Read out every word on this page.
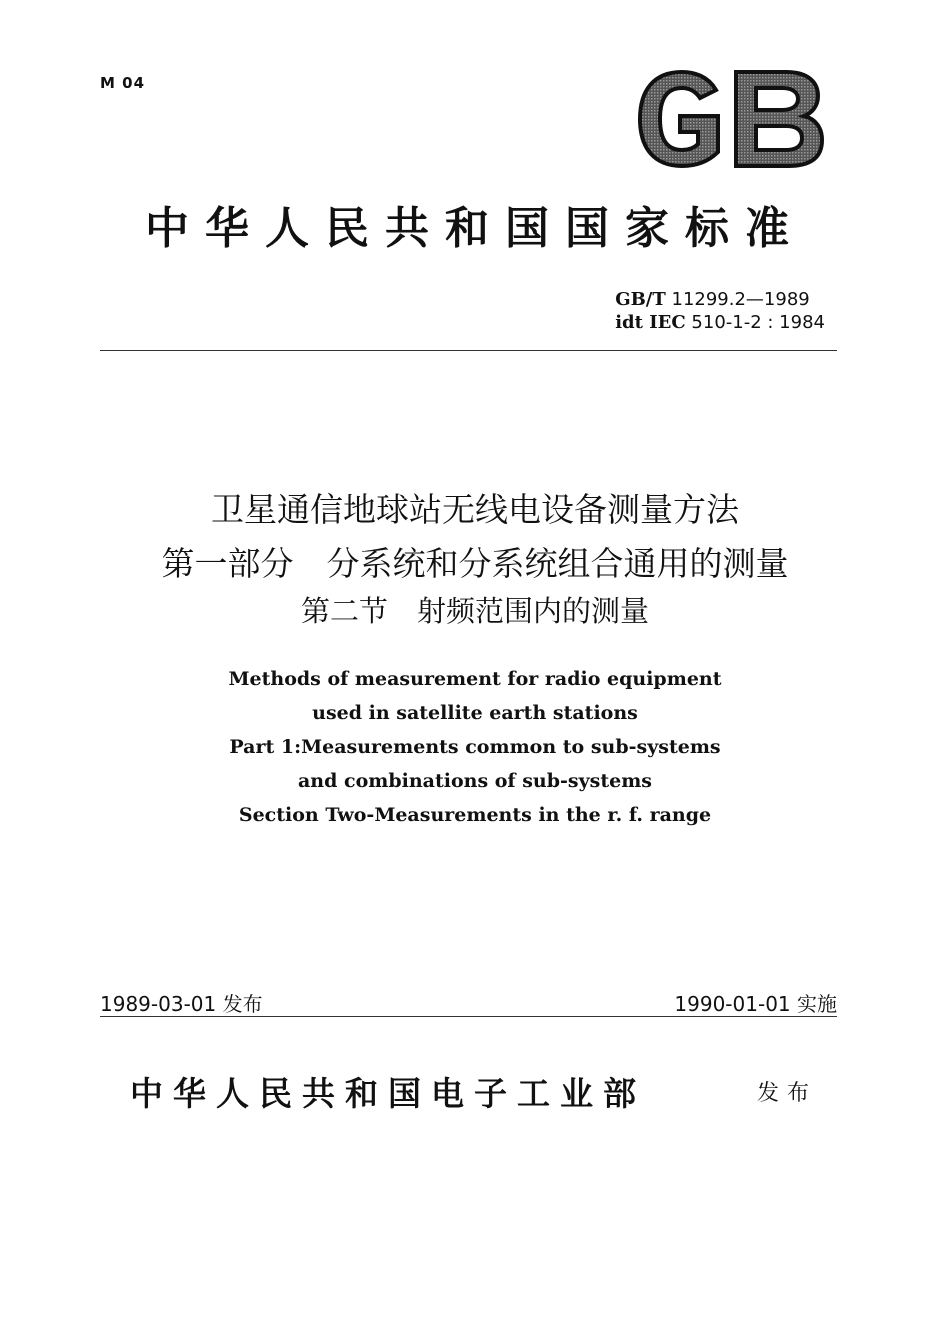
M 04
中华人民共和国国家标准
GB/T 11299.2—1989
idt IEC 510-1-2 : 1984
卫星通信地球站无线电设备测量方法
第一部分　分系统和分系统组合通用的测量
第二节　射频范围内的测量
Methods of measurement for radio equipment
used in satellite earth stations
Part 1:Measurements common to sub-systems
and combinations of sub-systems
Section Two-Measurements in the r. f. range
1989-03-01 发布	1990-01-01 实施
中华人民共和国电子工业部	发布
